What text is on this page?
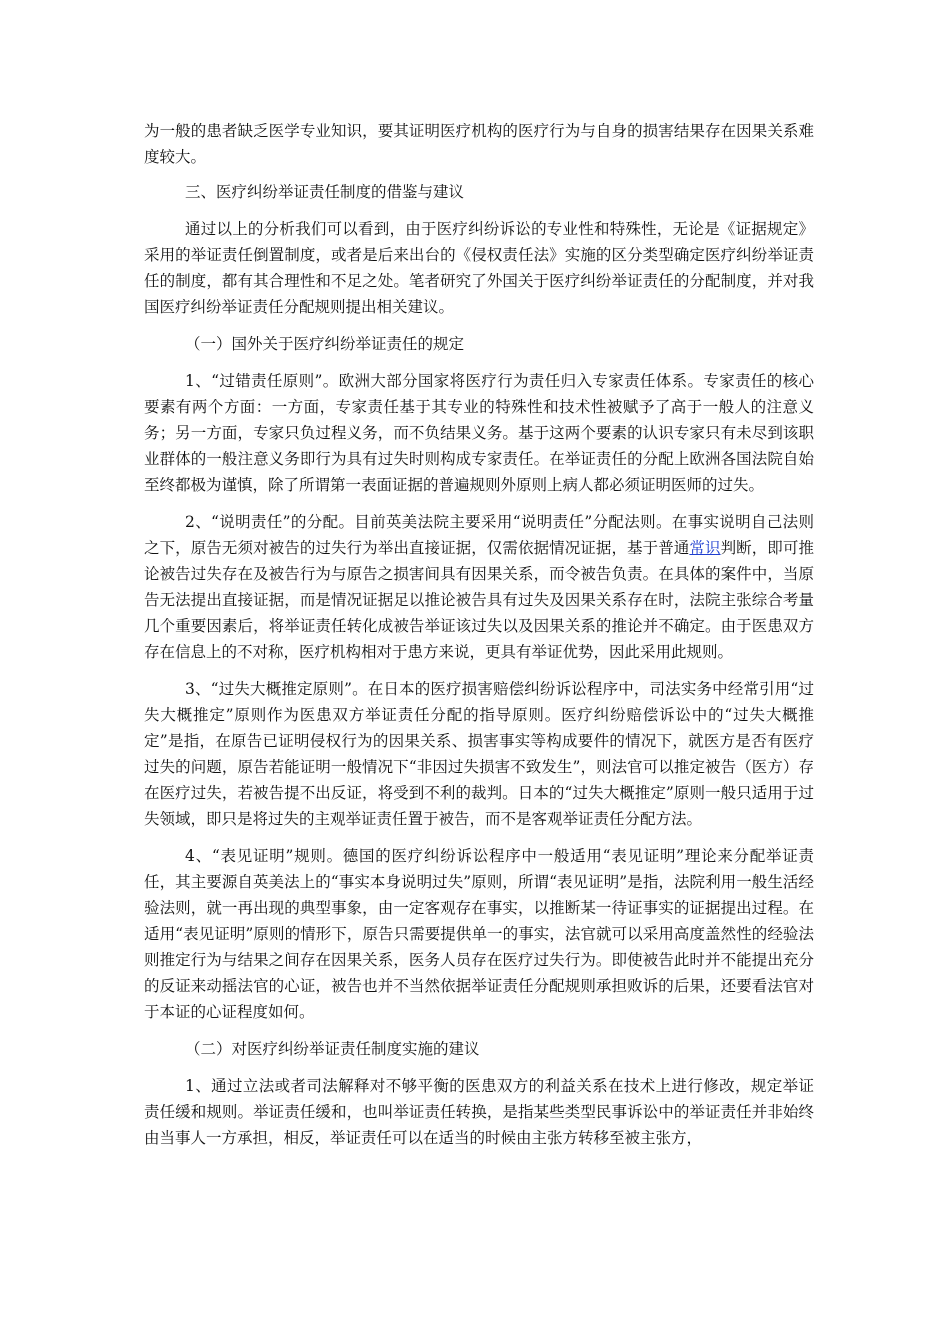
为一般的患者缺乏医学专业知识，要其证明医疗机构的医疗行为与自身的损害结果存在因果关系难度较大。

三、医疗纠纷举证责任制度的借鉴与建议

通过以上的分析我们可以看到，由于医疗纠纷诉讼的专业性和特殊性，无论是《证据规定》采用的举证责任倒置制度，或者是后来出台的《侵权责任法》实施的区分类型确定医疗纠纷举证责任的制度，都有其合理性和不足之处。笔者研究了外国关于医疗纠纷举证责任的分配制度，并对我国医疗纠纷举证责任分配规则提出相关建议。

（一）国外关于医疗纠纷举证责任的规定

1、“过错责任原则”。欧洲大部分国家将医疗行为责任归入专家责任体系。专家责任的核心要素有两个方面：一方面，专家责任基于其专业的特殊性和技术性被赋予了高于一般人的注意义务；另一方面，专家只负过程义务，而不负结果义务。基于这两个要素的认识专家只有未尽到该职业群体的一般注意义务即行为具有过失时则构成专家责任。在举证责任的分配上欧洲各国法院自始至终都极为谨慎，除了所谓第一表面证据的普遍规则外原则上病人都必须证明医师的过失。

2、“说明责任”的分配。目前英美法院主要采用“说明责任”分配法则。在事实说明自己法则之下，原告无须对被告的过失行为举出直接证据，仅需依据情况证据，基于普通常识判断，即可推论被告过失存在及被告行为与原告之损害间具有因果关系，而令被告负责。在具体的案件中，当原告无法提出直接证据，而是情况证据足以推论被告具有过失及因果关系存在时，法院主张综合考量几个重要因素后，将举证责任转化成被告举证该过失以及因果关系的推论并不确定。由于医患双方存在信息上的不对称，医疗机构相对于患方来说，更具有举证优势，因此采用此规则。

3、“过失大概推定原则”。在日本的医疗损害赔偿纠纷诉讼程序中，司法实务中经常引用“过失大概推定”原则作为医患双方举证责任分配的指导原则。医疗纠纷赔偿诉讼中的“过失大概推定”是指，在原告已证明侵权行为的因果关系、损害事实等构成要件的情况下，就医方是否有医疗过失的问题，原告若能证明一般情况下“非因过失损害不致发生”，则法官可以推定被告（医方）存在医疗过失，若被告提不出反证，将受到不利的裁判。日本的“过失大概推定”原则一般只适用于过失领域，即只是将过失的主观举证责任置于被告，而不是客观举证责任分配方法。

4、“表见证明”规则。德国的医疗纠纷诉讼程序中一般适用“表见证明”理论来分配举证责任，其主要源自英美法上的“事实本身说明过失”原则，所谓“表见证明”是指，法院利用一般生活经验法则，就一再出现的典型事象，由一定客观存在事实，以推断某一待证事实的证据提出过程。在适用“表见证明”原则的情形下，原告只需要提供单一的事实，法官就可以采用高度盖然性的经验法则推定行为与结果之间存在因果关系，医务人员存在医疗过失行为。即使被告此时并不能提出充分的反证来动摇法官的心证，被告也并不当然依据举证责任分配规则承担败诉的后果，还要看法官对于本证的心证程度如何。

（二）对医疗纠纷举证责任制度实施的建议

1、通过立法或者司法解释对不够平衡的医患双方的利益关系在技术上进行修改，规定举证责任缓和规则。举证责任缓和，也叫举证责任转换，是指某些类型民事诉讼中的举证责任并非始终由当事人一方承担，相反，举证责任可以在适当的时候由主张方转移至被主张方，
